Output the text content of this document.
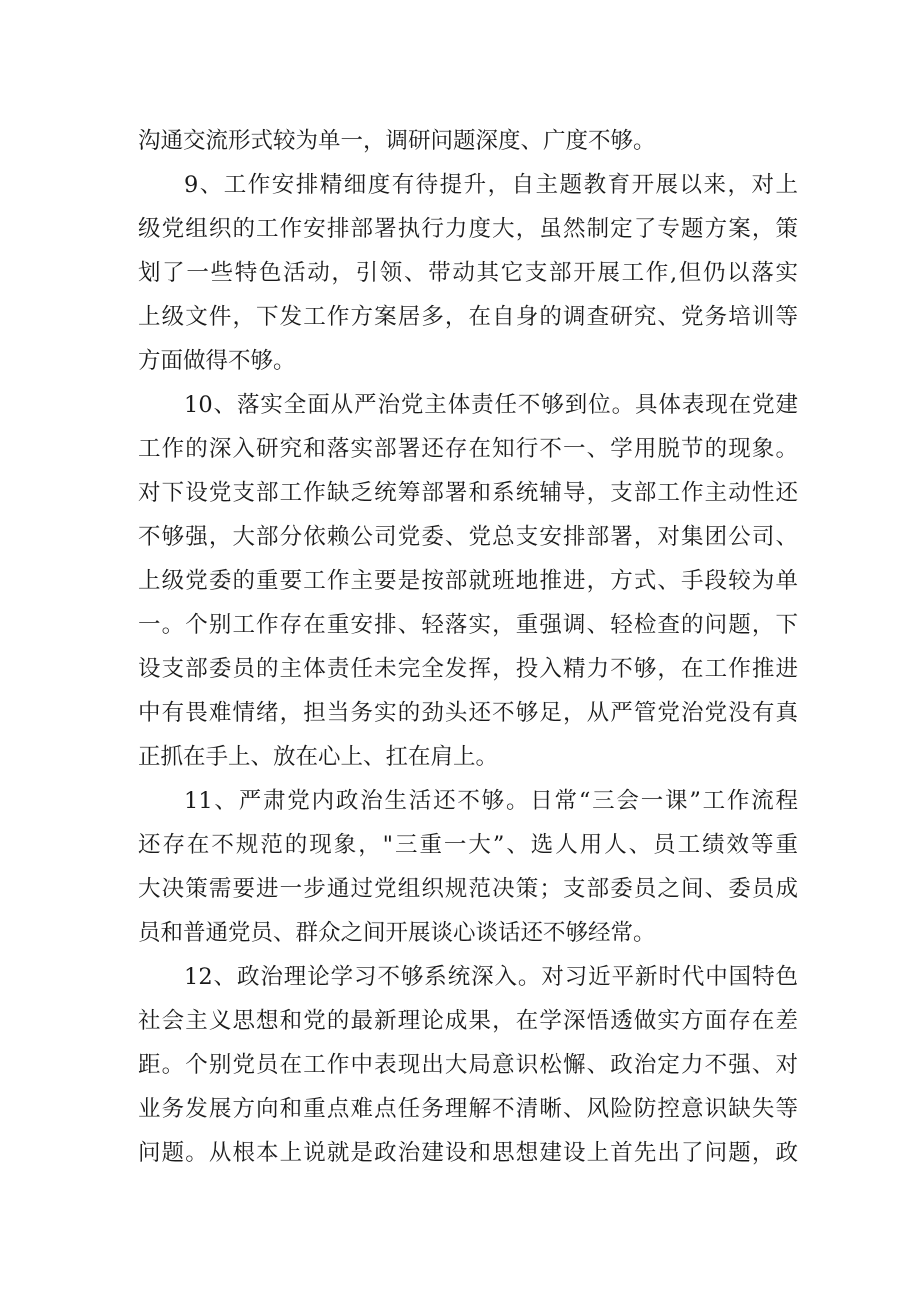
沟通交流形式较为单一，调研问题深度、广度不够。
9、工作安排精细度有待提升，自主题教育开展以来，对上
级党组织的工作安排部署执行力度大，虽然制定了专题方案，策
划了一些特色活动，引领、带动其它支部开展工作,但仍以落实
上级文件，下发工作方案居多，在自身的调查研究、党务培训等
方面做得不够。
10、落实全面从严治党主体责任不够到位。具体表现在党建
工作的深入研究和落实部署还存在知行不一、学用脱节的现象。
对下设党支部工作缺乏统筹部署和系统辅导，支部工作主动性还
不够强，大部分依赖公司党委、党总支安排部署，对集团公司、
上级党委的重要工作主要是按部就班地推进，方式、手段较为单
一。个别工作存在重安排、轻落实，重强调、轻检查的问题，下
设支部委员的主体责任未完全发挥，投入精力不够，在工作推进
中有畏难情绪，担当务实的劲头还不够足，从严管党治党没有真
正抓在手上、放在心上、扛在肩上。
11、严肃党内政治生活还不够。日常“三会一课”工作流程
还存在不规范的现象，"三重一大”、选人用人、员工绩效等重
大决策需要进一步通过党组织规范决策；支部委员之间、委员成
员和普通党员、群众之间开展谈心谈话还不够经常。
12、政治理论学习不够系统深入。对习近平新时代中国特色
社会主义思想和党的最新理论成果，在学深悟透做实方面存在差
距。个别党员在工作中表现出大局意识松懈、政治定力不强、对
业务发展方向和重点难点任务理解不清晰、风险防控意识缺失等
问题。从根本上说就是政治建设和思想建设上首先出了问题，政
